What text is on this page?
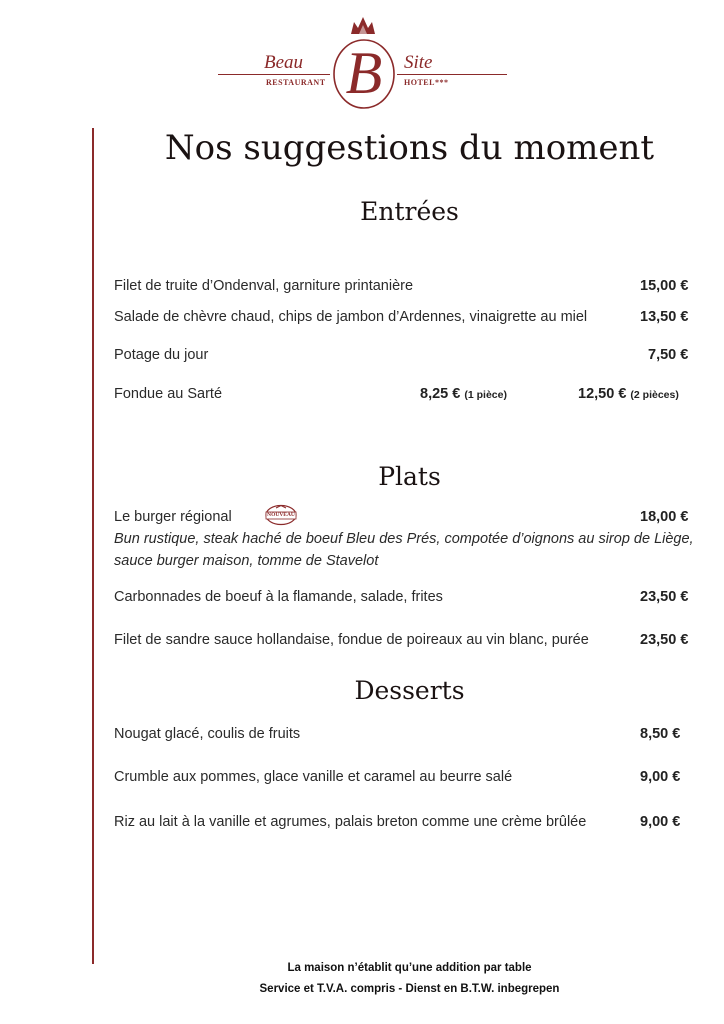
Beau	Site
RESTAURANT	HOTEL***
B
Nos suggestions du moment
Entrées
Filet de truite d’Ondenval, garniture printanière	15,00 €
Salade de chèvre chaud, chips de jambon d’Ardennes, vinaigrette au miel	13,50 €
Potage du jour	7,50 €
Fondue au Sarté	8,25 € (1 pièce)	12,50 € (2 pièces)
Plats
Le burger régional	NOUVEAU	18,00 €
Bun rustique, steak haché de boeuf Bleu des Prés, compotée d’oignons au sirop de Liège, sauce burger maison, tomme de Stavelot
Carbonnades de boeuf à la flamande, salade, frites	23,50 €
Filet de sandre sauce hollandaise, fondue de poireaux au vin blanc, purée	23,50 €
Desserts
Nougat glacé, coulis de fruits	8,50 €
Crumble aux pommes, glace vanille et caramel au beurre salé	9,00 €
Riz au lait à la vanille et agrumes, palais breton comme une crème brûlée	9,00 €
La maison n’établit qu’une addition par table
Service et T.V.A. compris - Dienst en B.T.W. inbegrepen
